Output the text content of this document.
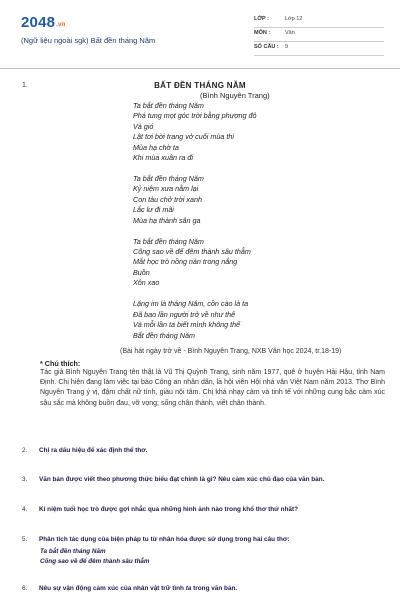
2048.vn
(Ngữ liệu ngoài sgk) Bất đền tháng Năm
LỚP :	Lớp 12
MÔN :	Văn
SỐ CÂU : 9
1.	BẤT ĐỀN THÁNG NĂM
(Bình Nguyên Trang)
Ta bắt đền tháng Năm
Phá tung mọt góc trời bằng phượng đỏ
Và gió
Lật tơi bời trang vở cuối mùa thi
Mùa hạ chờ ta
Khi mùa xuân ra đi
Ta bắt đền tháng Năm
Kỷ niệm xưa nằm lại
Con tàu chở trời xanh
Lắc lư đi mãi
Mùa hạ thành sân ga
Ta bắt đền tháng Năm
Cõng sao về để đêm thành sâu thẳm
Mắt học trò nồng nàn trong nắng
Buồn
Xôn xao
Lặng im là tháng Năm, cồn cào là ta
Đã bao lần người trở về như thế
Và mỗi lần ta biết mình không thể
Bắt đền tháng Năm
(Bài hát ngày trở về - Bình Nguyên Trang, NXB Văn học 2024, tr.18-19)
* Chú thích:
Tác giả Bình Nguyên Trang tên thật là Vũ Thị Quỳnh Trang, sinh năm 1977, quê ở huyện Hải Hậu, tỉnh Nam Định. Chị hiện đang làm việc tại báo Công an nhân dân, là hội viên Hội nhà văn Việt Nam năm 2013. Thơ Bình Nguyên Trang ý vị, đậm chất nữ tính, giàu nội tâm. Chị khá nhạy cảm và tinh tế với những cung bậc cảm xúc sâu sắc mà không buồn đau, vỡ vọng; sống chân thành, viết chân thành.
2. Chỉ ra dấu hiệu để xác định thể thơ.
3. Văn bản được viết theo phương thức biểu đạt chính là gì? Nêu cảm xúc chủ đạo của văn bản.
4. Kỉ niệm tuổi học trò được gợi nhắc qua những hình ảnh nào trong khổ thơ thứ nhất?
5. Phân tích tác dụng của biện pháp tu từ nhân hóa được sử dụng trong hai câu thơ:
Ta bắt đền tháng Năm
Cõng sao về để đêm thành sâu thẳm
6. Nêu sự vận động cảm xúc của nhân vật trữ tình ta trong văn bản.
